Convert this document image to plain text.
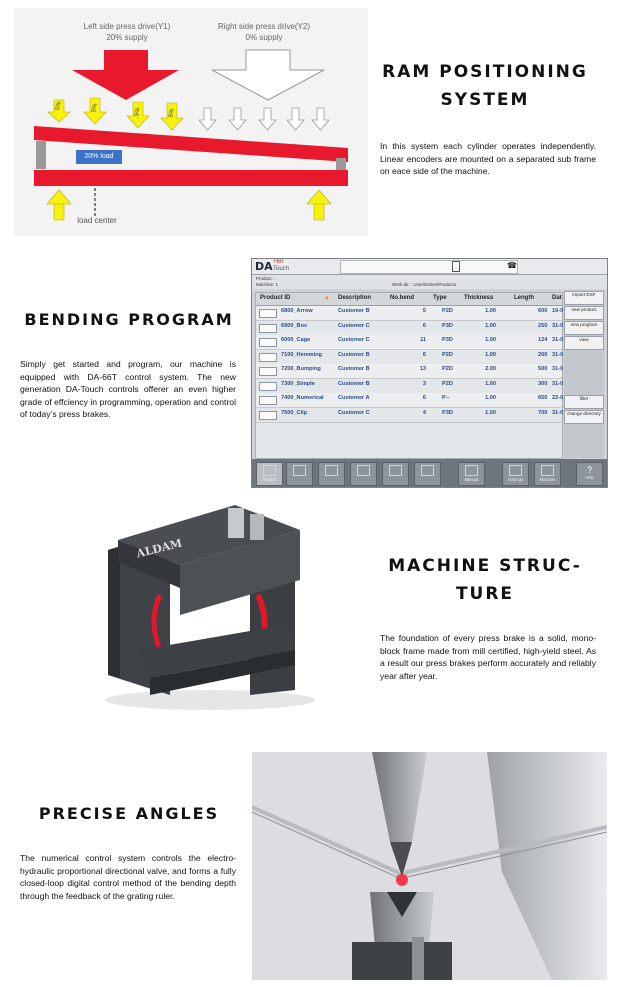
Left side press drive(Y1)
20% supply
Right side press drive(Y2)
0% supply
5%	5%	5%	5%
20% load
load center
RAM POSITIONING
SYSTEM
In this system each cylinder operates independently. Linear encoders are mounted on a separated sub frame on eace side of the machine.
BENDING PROGRAM
Simply get started and program, our machine is equipped with DA-66T control system. The new generation DA-Touch controls offerer an even higher grade of effciency in programming, operation and control of today’s press brakes.
DA +60
Touch	☎
Product :
Machine: 1	Work dir. : User/Delem/Products
Product ID	▲ Description	No.bend	Type	Thickness	Length	Dat
6800_Arrow	Customer B	5	P2D	1.00	600 16-0
6900_Box	Customer C	6	P3D	1.00	250 31-0
6000_Cage	Customer C	11	P3D	1.00	124 31-0
7100_Hemming	Customer B	6	P2D	1.00	200 31-0
7200_Bumping	Customer B	13	P2D	2.00	500 31-0
7300_Simple	Customer B	3	P2D	1.00	300 31-0
7400_Numerical	Customer A	6	P--	1.00	650 22-0
7500_Clip	Customer C	4	P3D	1.00	700 31-0
import DXF
new product
new program
view
filter
change directory
Product	Manual	Settings	Machine
?
Help
ALDAM
MACHINE STRUC-
TURE
The foundation of every press brake is a solid, mono-block frame made from mill certified, high-yield steel. As a result our press brakes perform accurately and reliably year after year.
PRECISE ANGLES
The numerical control system controls the electro-hydraulic proportional directional valve, and forms a fully closed-loop digital control method of the bending depth through the feedback of the grating ruler.
